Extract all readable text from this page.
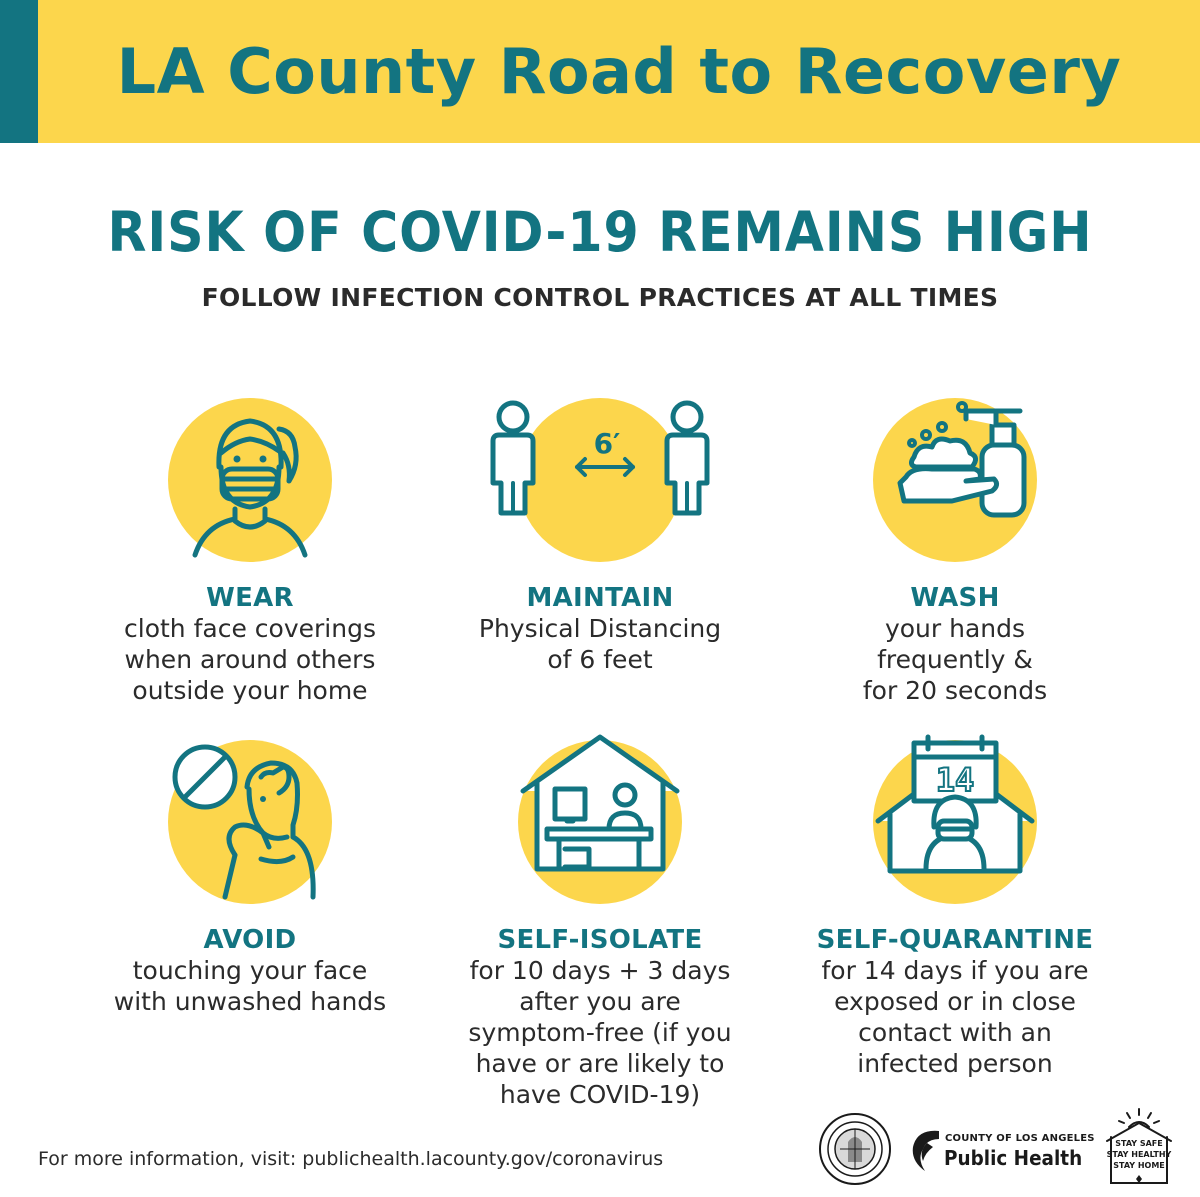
LA County Road to Recovery
RISK OF COVID-19 REMAINS HIGH
FOLLOW INFECTION CONTROL PRACTICES AT ALL TIMES
WEAR
cloth face coverings
when around others
outside your home
6′
MAINTAIN
Physical Distancing
of 6 feet
WASH
your hands
frequently &
for 20 seconds
AVOID
touching your face
with unwashed hands
SELF-ISOLATE
for 10 days + 3 days
after you are
symptom-free (if you
have or are likely to
have COVID-19)
14
SELF-QUARANTINE
for 14 days if you are
exposed or in close
contact with an
infected person
For more information, visit: publichealth.lacounty.gov/coronavirus
COUNTY OF LOS ANGELES
Public Health
STAY SAFE
STAY HEALTHY
STAY HOME
